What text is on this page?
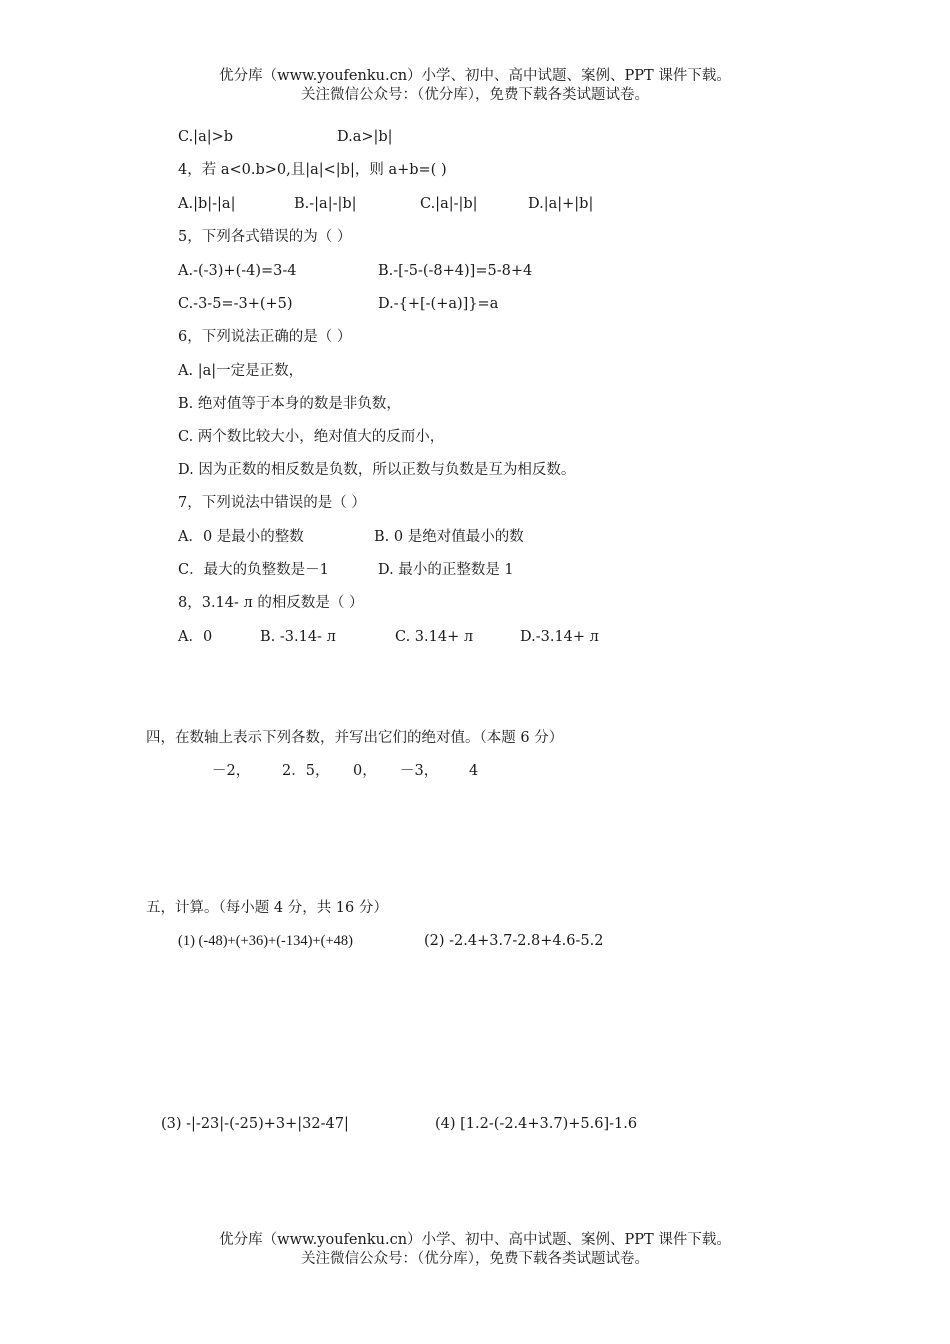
优分库（www.youfenku.cn）小学、初中、高中试题、案例、PPT 课件下载。
关注微信公众号：（优分库），免费下载各类试题试卷。
C.|a|>b	D.a>|b|
4，若 a<0.b>0,且|a|<|b|，则 a+b=( )
A.|b|-|a|	B.-|a|-|b|	C.|a|-|b|	D.|a|+|b|
5，下列各式错误的为（ ）
A.-(-3)+(-4)=3-4	B.-[-5-(-8+4)]=5-8+4
C.-3-5=-3+(+5)	D.-{+[-(+a)]}=a
6，下列说法正确的是（ ）
A. |a|一定是正数，
B. 绝对值等于本身的数是非负数，
C. 两个数比较大小，绝对值大的反而小，
D. 因为正数的相反数是负数，所以正数与负数是互为相反数。
7，下列说法中错误的是（ ）
A．0 是最小的整数	B. 0 是绝对值最小的数
C．最大的负整数是－1	D. 最小的正整数是 1
8，3.14- л 的相反数是（ ）
A．0	B. -3.14- л	C. 3.14+ л	D.-3.14+ л
四，在数轴上表示下列各数，并写出它们的绝对值。（本题 6 分）
－2， 2．5， 0， －3， 4
五，计算。（每小题 4 分，共 16 分）
(1) (-48)+(+36)+(-134)+(+48)	(2) -2.4+3.7-2.8+4.6-5.2
(3) -|-23|-(-25)+3+|32-47|	(4) [1.2-(-2.4+3.7)+5.6]-1.6
优分库（www.youfenku.cn）小学、初中、高中试题、案例、PPT 课件下载。
关注微信公众号：（优分库），免费下载各类试题试卷。
